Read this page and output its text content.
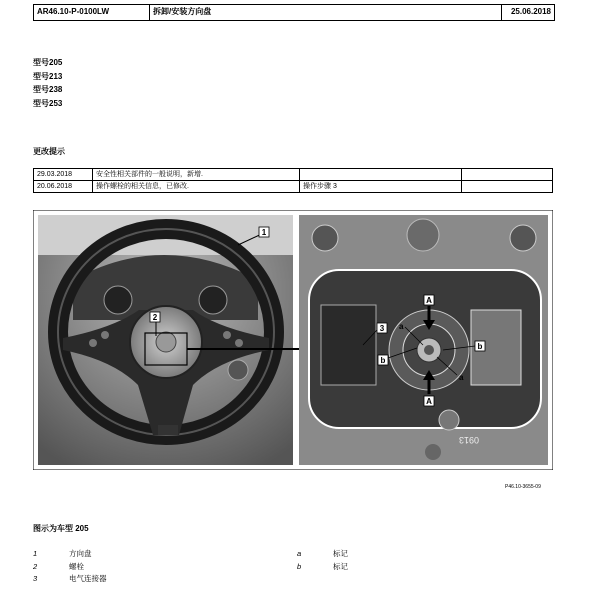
AR46.10-P-0100LW	拆卸/安装方向盘	25.06.2018
型号205
型号213
型号238
型号253
更改提示
29.03.2018	安全性相关部件的一般说明，新增.		
20.06.2018	操作螺栓的相关信息，已修改.	操作步骤 3	
1
2
0913
A
A
a
a
b
b
3
P46.10-3655-09
图示为车型 205
1	方向盘
2	螺栓
3	电气连接器
a	标记
b	标记
